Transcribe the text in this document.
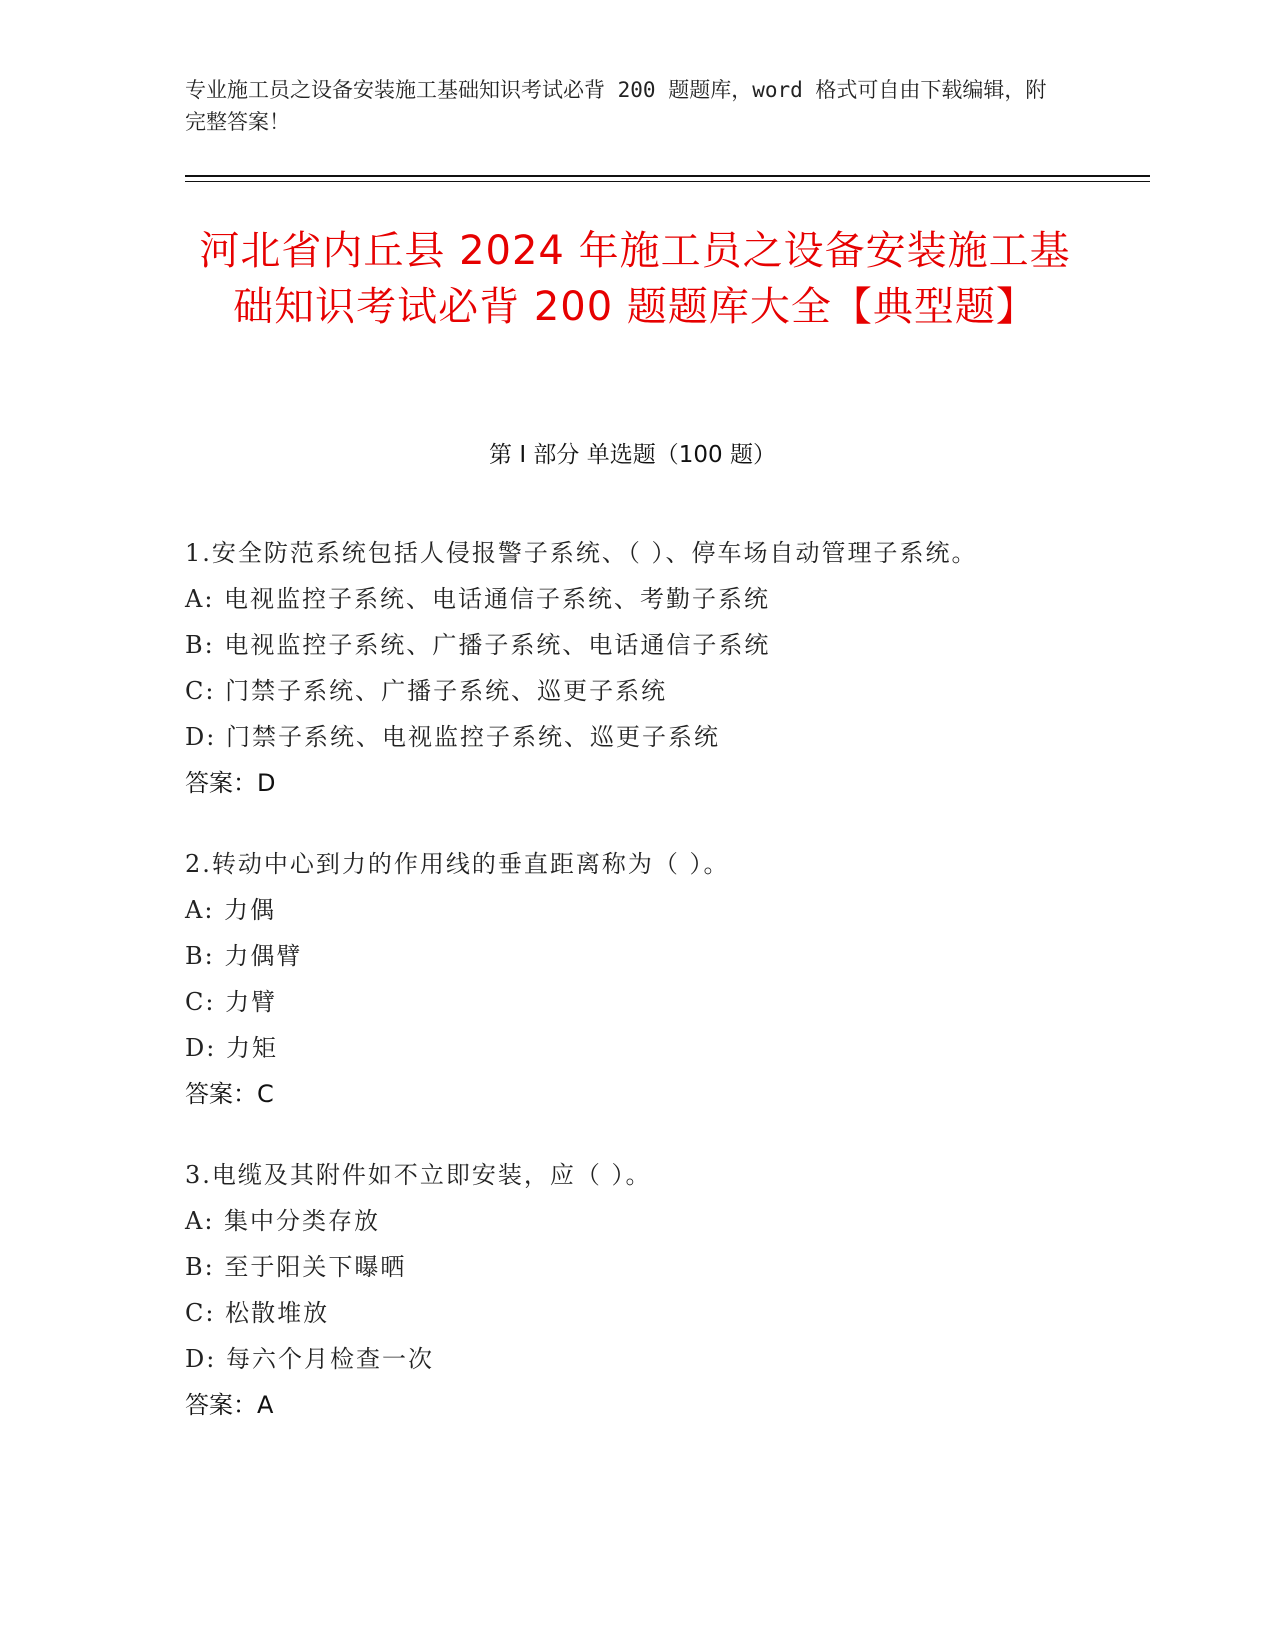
专业施工员之设备安装施工基础知识考试必背 200 题题库，word 格式可自由下载编辑，附完整答案！
河北省内丘县 2024 年施工员之设备安装施工基础知识考试必背 200 题题库大全【典型题】
第 I 部分 单选题（100 题）

1.安全防范系统包括人侵报警子系统、（ ）、停车场自动管理子系统。

A: 电视监控子系统、电话通信子系统、考勤子系统

B: 电视监控子系统、广播子系统、电话通信子系统

C: 门禁子系统、广播子系统、巡更子系统

D: 门禁子系统、电视监控子系统、巡更子系统

答案：D

2.转动中心到力的作用线的垂直距离称为（ ）。

A: 力偶

B: 力偶臂

C: 力臂

D: 力矩

答案：C

3.电缆及其附件如不立即安装，应（ ）。

A: 集中分类存放

B: 至于阳关下曝晒

C: 松散堆放

D: 每六个月检查一次

答案：A
